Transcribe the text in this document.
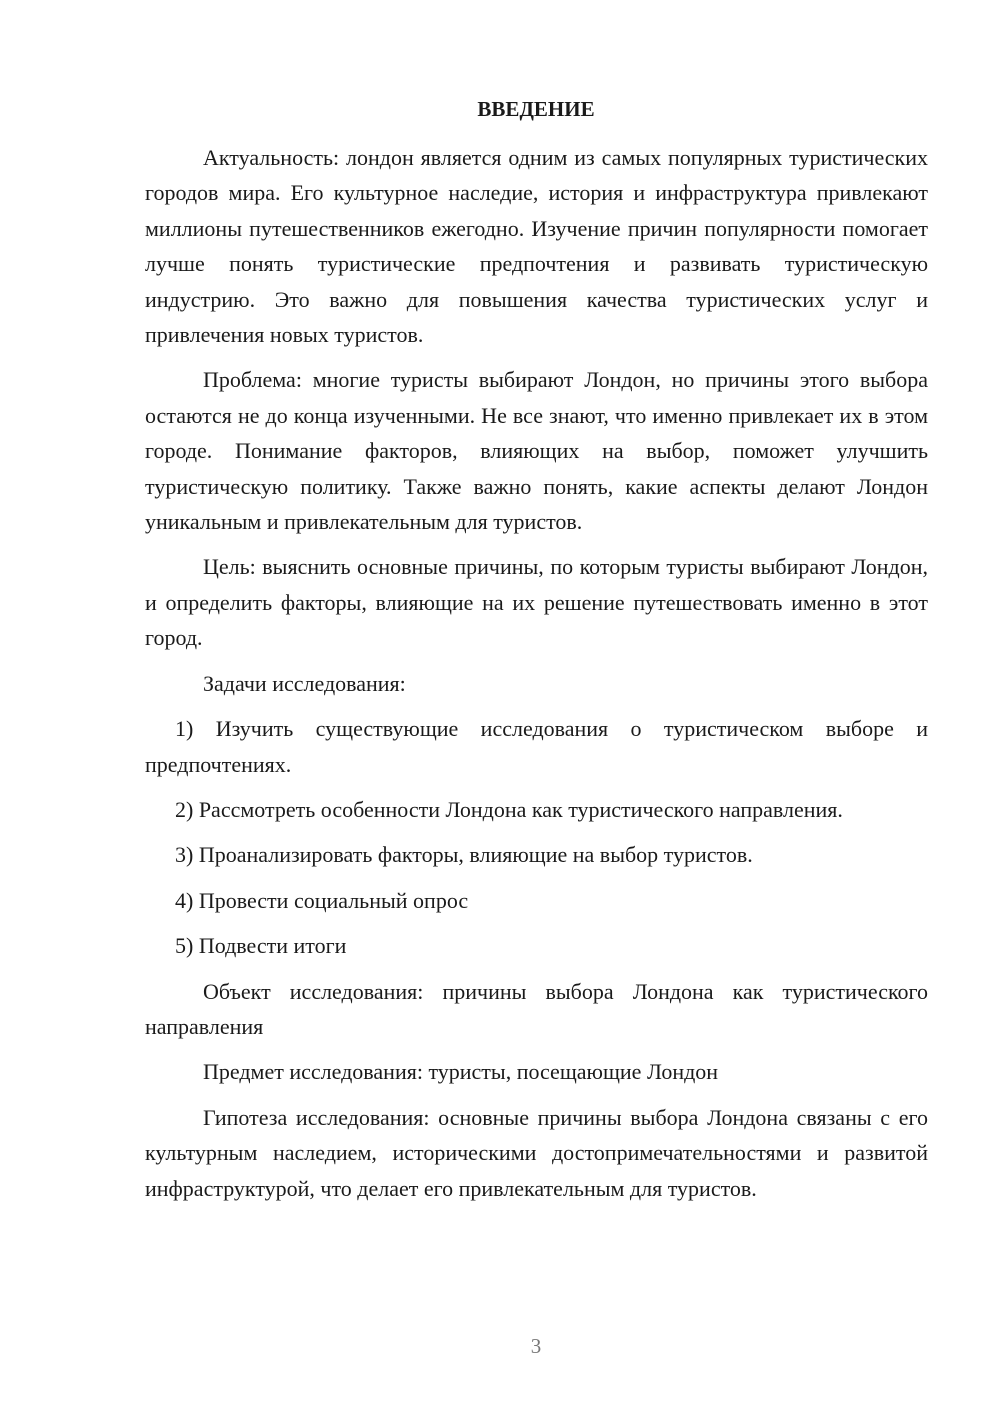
ВВЕДЕНИЕ

Актуальность: лондон является одним из самых популярных туристических городов мира. Его культурное наследие, история и инфраструктура привлекают миллионы путешественников ежегодно. Изучение причин популярности помогает лучше понять туристические предпочтения и развивать туристическую индустрию. Это важно для повышения качества туристических услуг и привлечения новых туристов.

Проблема: многие туристы выбирают Лондон, но причины этого выбора остаются не до конца изученными. Не все знают, что именно привлекает их в этом городе. Понимание факторов, влияющих на выбор, поможет улучшить туристическую политику. Также важно понять, какие аспекты делают Лондон уникальным и привлекательным для туристов.

Цель: выяснить основные причины, по которым туристы выбирают Лондон, и определить факторы, влияющие на их решение путешествовать именно в этот город.

Задачи исследования:

1) Изучить существующие исследования о туристическом выборе и предпочтениях.

2) Рассмотреть особенности Лондона как туристического направления.

3) Проанализировать факторы, влияющие на выбор туристов.

4) Провести социальный опрос

5) Подвести итоги

Объект исследования: причины выбора Лондона как туристического направления

Предмет исследования: туристы, посещающие Лондон

Гипотеза исследования: основные причины выбора Лондона связаны с его культурным наследием, историческими достопримечательностями и развитой инфраструктурой, что делает его привлекательным для туристов.

3
